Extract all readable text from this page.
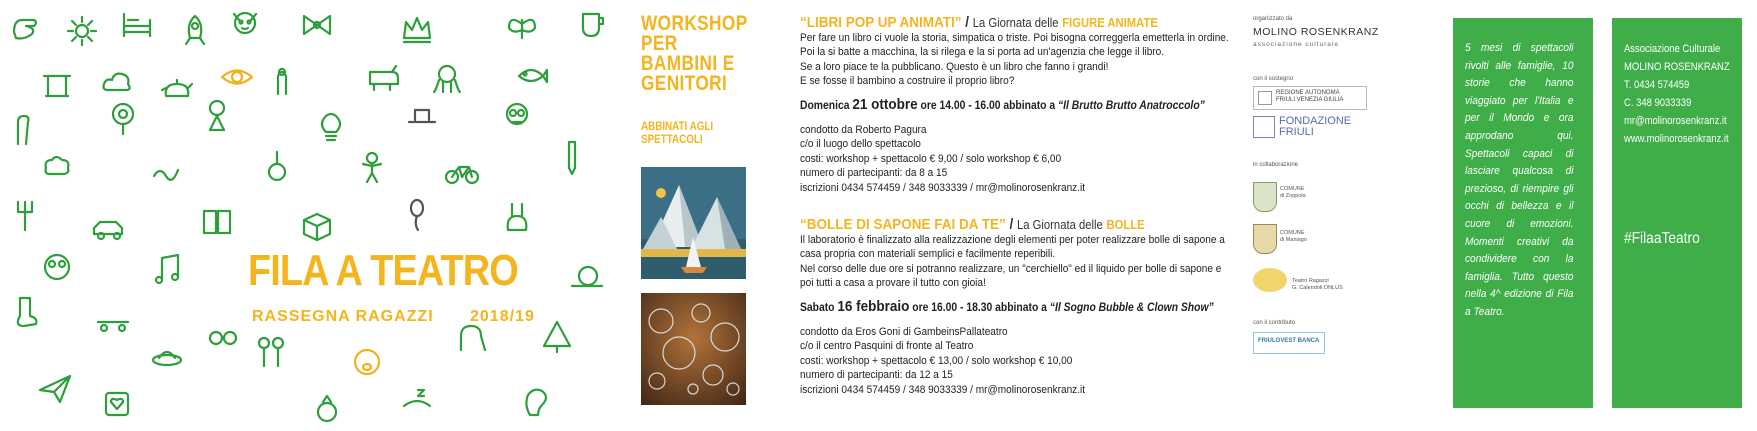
FILA A TEATRO
RASSEGNA RAGAZZI 2018/19
WORKSHOP
PER
BAMBINI E
GENITORI
ABBINATI AGLI
SPETTACOLI
“LIBRI POP UP ANIMATI” / La Giornata delle FIGURE ANIMATE

Per fare un libro ci vuole la storia, simpatica o triste. Poi bisogna correggerla emetterla in ordine.

Poi la si batte a macchina, la si rilega e la si porta ad un'agenzia che legge il libro.

Se a loro piace te la pubblicano. Questo è un libro che fanno i grandi!

E se fosse il bambino a costruire il proprio libro?

Domenica 21 ottobre ore 14.00 - 16.00 abbinato a “Il Brutto Brutto Anatroccolo”

condotto da Roberto Pagura

c/o il luogo dello spettacolo

costi: workshop + spettacolo € 9,00 / solo workshop € 6,00

numero di partecipanti: da 8 a 15

iscrizioni 0434 574459 / 348 9033339 / mr@molinorosenkranz.it

“BOLLE DI SAPONE FAI DA TE” / La Giornata delle BOLLE

Il laboratorio è finalizzato alla realizzazione degli elementi per poter realizzare bolle di sapone a

casa propria con materiali semplici e facilmente reperibili.

Nel corso delle due ore si potranno realizzare, un "cerchiello" ed il liquido per bolle di sapone e

poi tutti a casa a provare il tutto con gioia!

Sabato 16 febbraio ore 16.00 - 18.30 abbinato a “Il Sogno Bubble & Clown Show”

condotto da Eros Goni di GambeinsPallateatro

c/o il centro Pasquini di fronte al Teatro

costi: workshop + spettacolo € 13,00 / solo workshop € 10,00

numero di partecipanti: da 12 a 15

iscrizioni 0434 574459 / 348 9033339 / mr@molinorosenkranz.it

organizzato da
MOLINO ROSENKRANZ
associazione culturale
con il sostegno
REGIONE AUTONOMA
FRIULI VENEZIA GIULIA
FONDAZIONE
FRIULI
in collaborazione
COMUNE
di Zoppola
COMUNE
di Maniago
Teatro Ragazzi
G. Calendoli ONLUS
con il contributo
FRIULOVEST BANCA
5 mesi di spettacoli rivolti alle famiglie, 10 storie che hanno viaggiato per l'Italia e per il Mondo e ora approdano qui. Spettacoli capaci di lasciare qualcosa di prezioso, di riempire gli occhi di bellezza e il cuore di emozioni. Momenti creativi da condividere con la famiglia. Tutto questo nella 4^ edizione di Fila a Teatro.
Associazione Culturale
MOLINO ROSENKRANZ
T. 0434 574459
C. 348 9033339
mr@molinorosenkranz.it
www.molinorosenkranz.it
#FilaaTeatro
